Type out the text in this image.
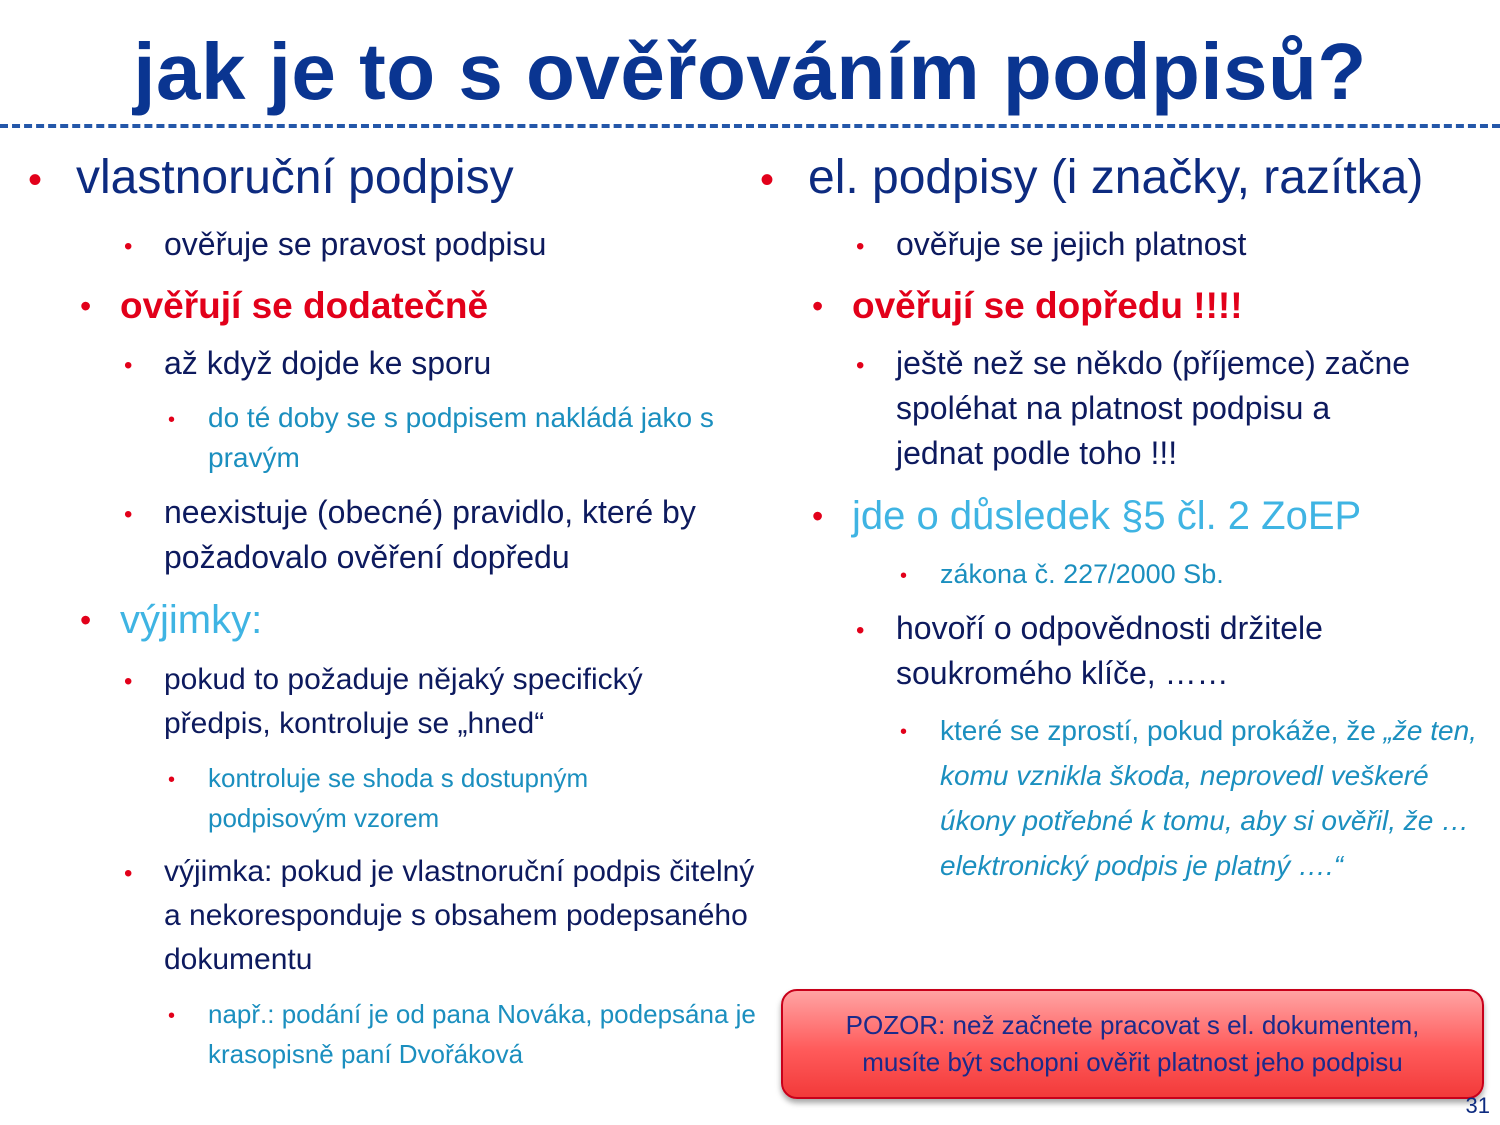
jak je to s ověřováním podpisů?
• vlastnoruční podpisy
• ověřuje se pravost podpisu
• ověřují se dodatečně
• až když dojde ke sporu
• do té doby se s podpisem nakládá jako s pravým
• neexistuje (obecné) pravidlo, které by požadovalo ověření dopředu
• výjimky:
• pokud to požaduje nějaký specifický předpis, kontroluje se „hned“
• kontroluje se shoda s dostupným podpisovým vzorem
• výjimka: pokud je vlastnoruční podpis čitelný a nekoresponduje s obsahem podepsaného dokumentu
• např.: podání je od pana Nováka, podepsána je krasopisně paní Dvořáková
• el. podpisy (i značky, razítka)
• ověřuje se jejich platnost
• ověřují se dopředu !!!!
• ještě než se někdo (příjemce) začne spoléhat na platnost podpisu a jednat podle toho !!!
• jde o důsledek §5 čl. 2 ZoEP
• zákona č. 227/2000 Sb.
• hovoří o odpovědnosti držitele soukromého klíče, ……
• které se zprostí, pokud prokáže, že „že ten, komu vznikla škoda, neprovedl veškeré úkony potřebné k tomu, aby si ověřil, že … elektronický podpis je platný ….“
POZOR: než začnete pracovat s el. dokumentem,
musíte být schopni ověřit platnost jeho podpisu
31
